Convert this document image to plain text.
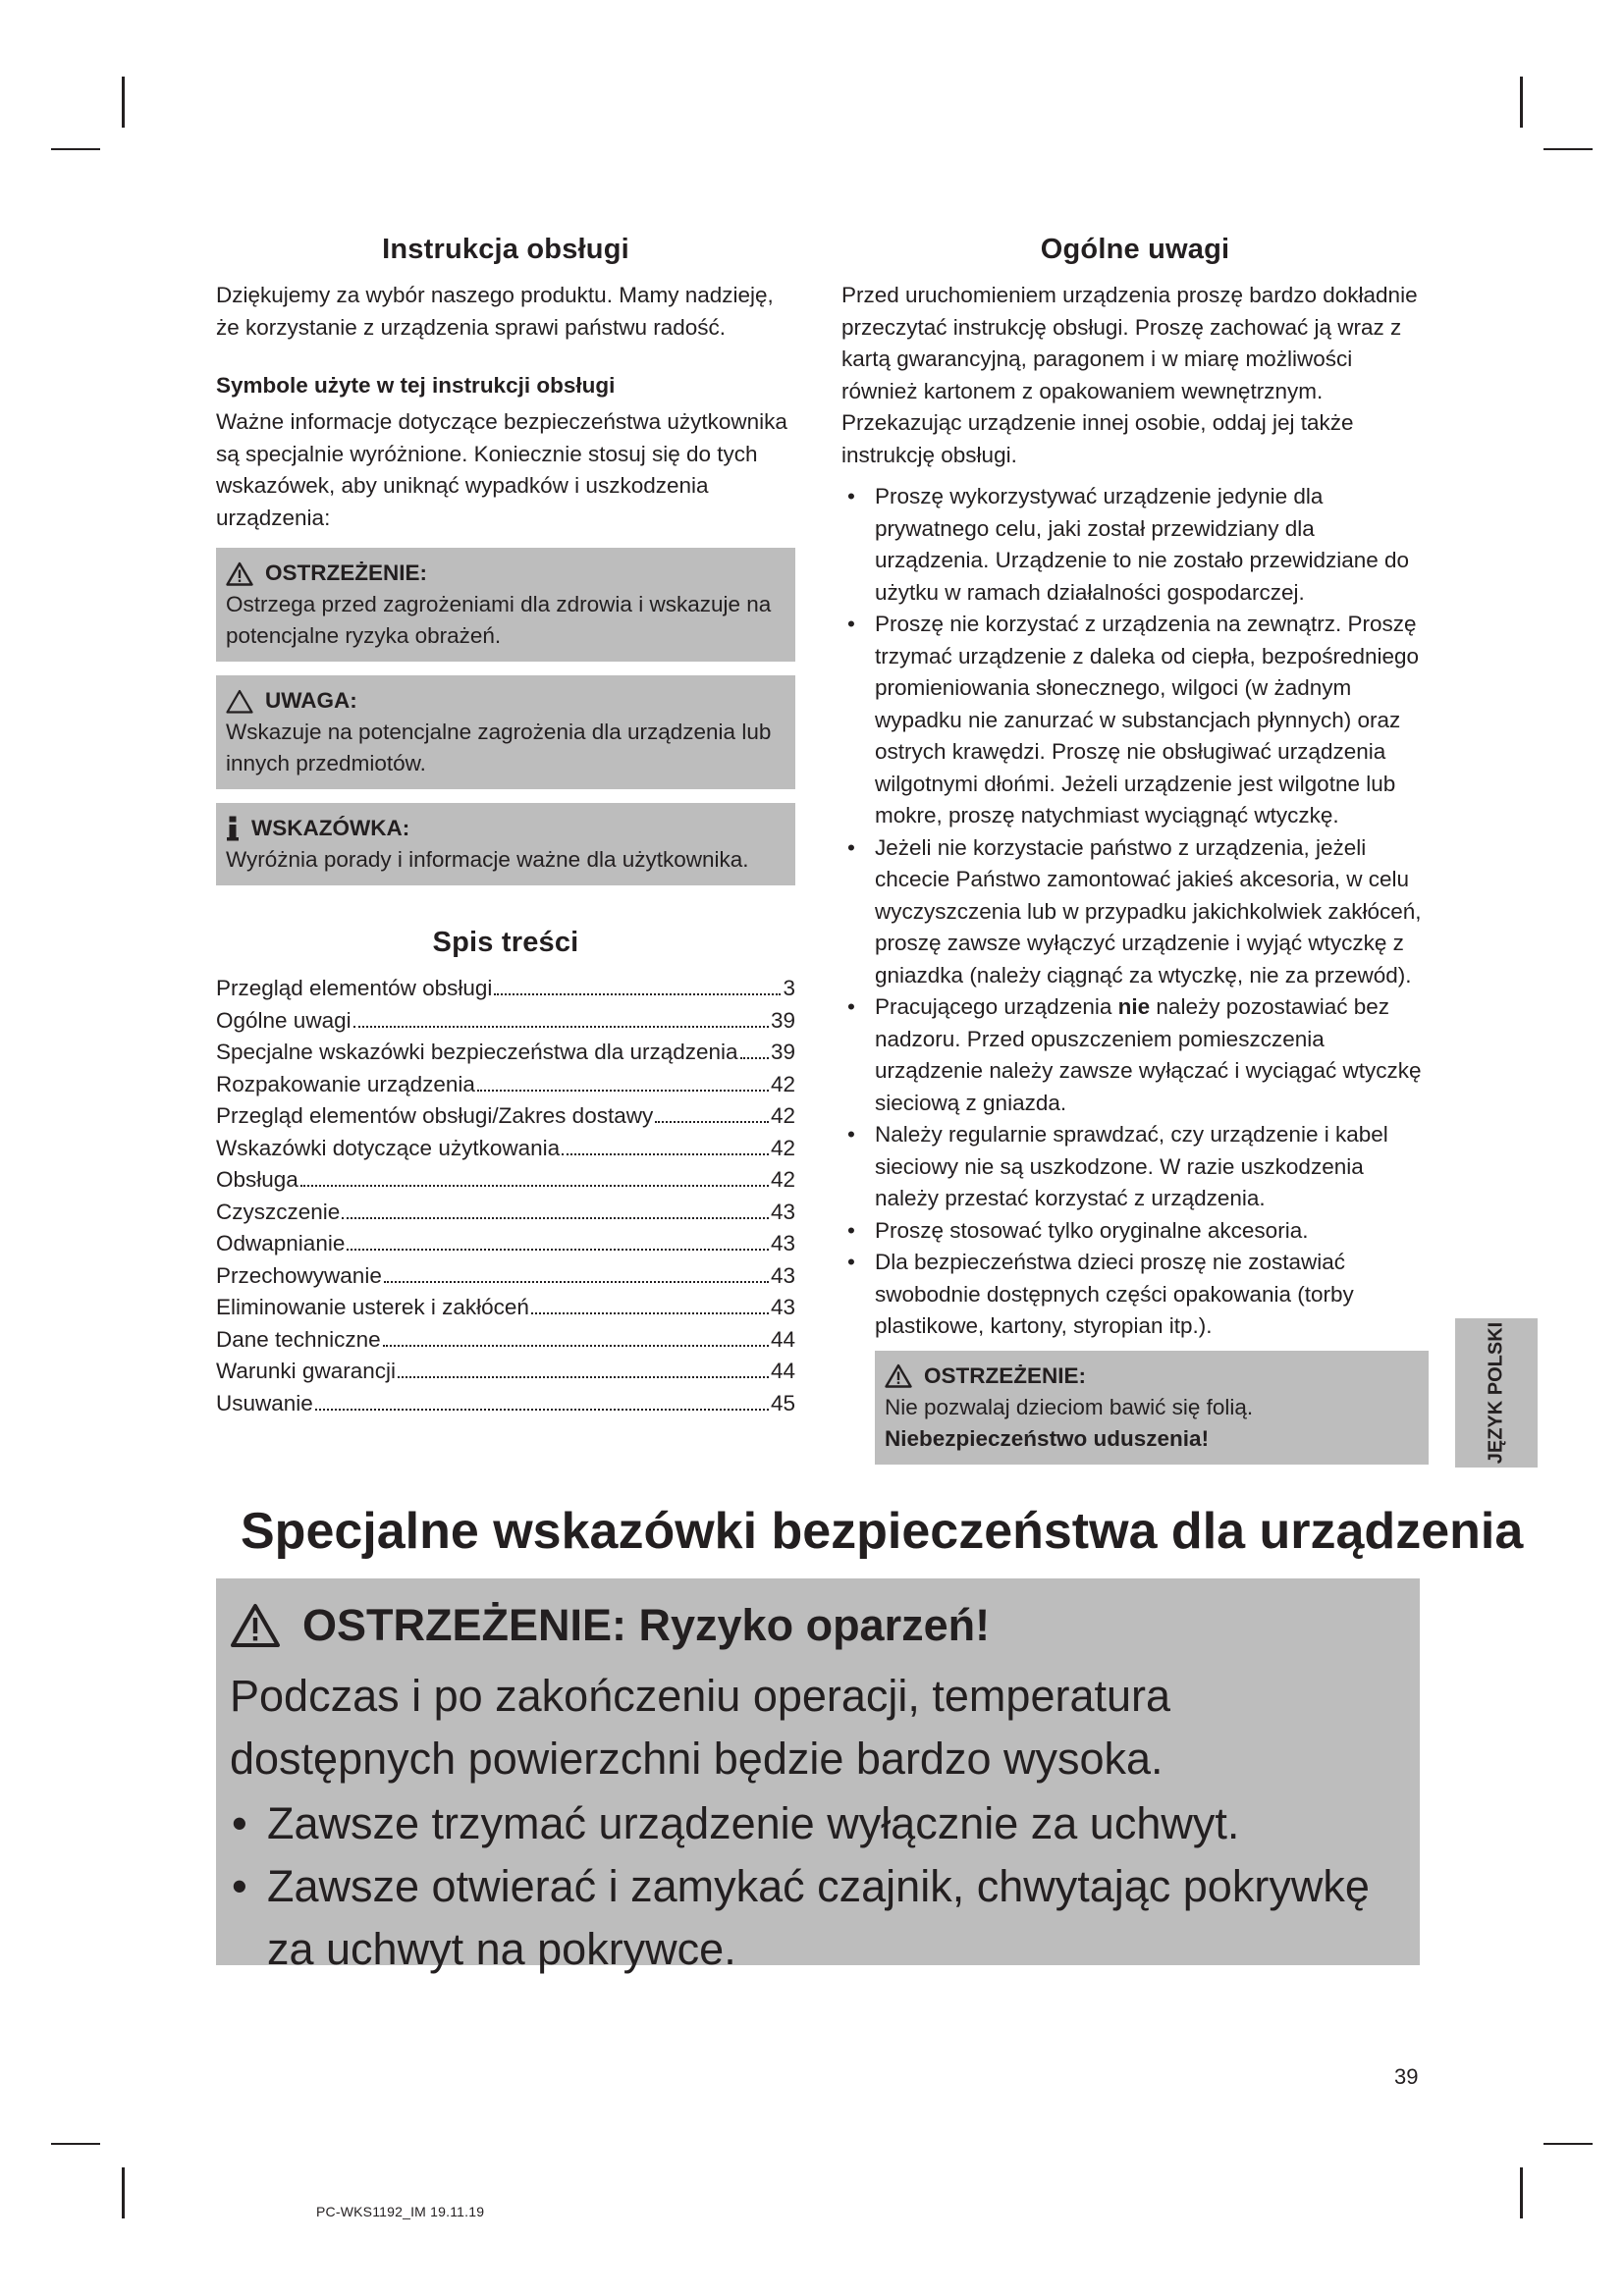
Instrukcja obsługi

Dziękujemy za wybór naszego produktu. Mamy nadzieję, że korzystanie z urządzenia sprawi państwu radość.

Symbole użyte w tej instrukcji obsługi

Ważne informacje dotyczące bezpieczeństwa użytkownika są specjalnie wyróżnione. Koniecznie stosuj się do tych wskazówek, aby uniknąć wypadków i uszkodzenia urządzenia:

OSTRZEŻENIE:
Ostrzega przed zagrożeniami dla zdrowia i wskazuje na potencjalne ryzyka obrażeń.
UWAGA:
Wskazuje na potencjalne zagrożenia dla urządzenia lub innych przedmiotów.
WSKAZÓWKA:
Wyróżnia porady i informacje ważne dla użytkownika.
Spis treści
Przegląd elementów obsługi	3
Ogólne uwagi	39
Specjalne wskazówki bezpieczeństwa dla urządzenia 39
Rozpakowanie urządzenia	42
Przegląd elementów obsługi/Zakres dostawy	42
Wskazówki dotyczące użytkowania	42
Obsługa	42
Czyszczenie	43
Odwapnianie	43
Przechowywanie	43
Eliminowanie usterek i zakłóceń	43
Dane techniczne	44
Warunki gwarancji	44
Usuwanie	45
Ogólne uwagi

Przed uruchomieniem urządzenia proszę bardzo dokładnie przeczytać instrukcję obsługi. Proszę zachować ją wraz z kartą gwarancyjną, paragonem i w miarę możliwości również kartonem z opakowaniem wewnętrznym. Przekazując urządzenie innej osobie, oddaj jej także instrukcję obsługi.

• Proszę wykorzystywać urządzenie jedynie dla prywatnego celu, jaki został przewidziany dla urządzenia. Urządzenie to nie zostało przewidziane do użytku w ramach działalności gospodarczej.
• Proszę nie korzystać z urządzenia na zewnątrz. Proszę trzymać urządzenie z daleka od ciepła, bezpośredniego promieniowania słonecznego, wilgoci (w żadnym wypadku nie zanurzać w substancjach płynnych) oraz ostrych krawędzi. Proszę nie obsługiwać urządzenia wilgotnymi dłońmi. Jeżeli urządzenie jest wilgotne lub mokre, proszę natychmiast wyciągnąć wtyczkę.
• Jeżeli nie korzystacie państwo z urządzenia, jeżeli chcecie Państwo zamontować jakieś akcesoria, w celu wyczyszczenia lub w przypadku jakichkolwiek zakłóceń, proszę zawsze wyłączyć urządzenie i wyjąć wtyczkę z gniazdka (należy ciągnąć za wtyczkę, nie za przewód).
• Pracującego urządzenia nie należy pozostawiać bez nadzoru. Przed opuszczeniem pomieszczenia urządzenie należy zawsze wyłączać i wyciągać wtyczkę sieciową z gniazda.
• Należy regularnie sprawdzać, czy urządzenie i kabel sieciowy nie są uszkodzone. W razie uszkodzenia należy przestać korzystać z urządzenia.
• Proszę stosować tylko oryginalne akcesoria.
• Dla bezpieczeństwa dzieci proszę nie zostawiać swobodnie dostępnych części opakowania (torby plastikowe, kartony, styropian itp.).
OSTRZEŻENIE:
Nie pozwalaj dzieciom bawić się folią. Niebezpieczeństwo uduszenia!	JĘZYK POLSKI
Specjalne wskazówki bezpieczeństwa dla urządzenia
OSTRZEŻENIE: Ryzyko oparzeń!
Podczas i po zakończeniu operacji, temperatura dostępnych powierzchni będzie bardzo wysoka.
• Zawsze trzymać urządzenie wyłącznie za uchwyt.
• Zawsze otwierać i zamykać czajnik, chwytając pokrywkę za uchwyt na pokrywce.
39
PC-WKS1192_IM 19.11.19
